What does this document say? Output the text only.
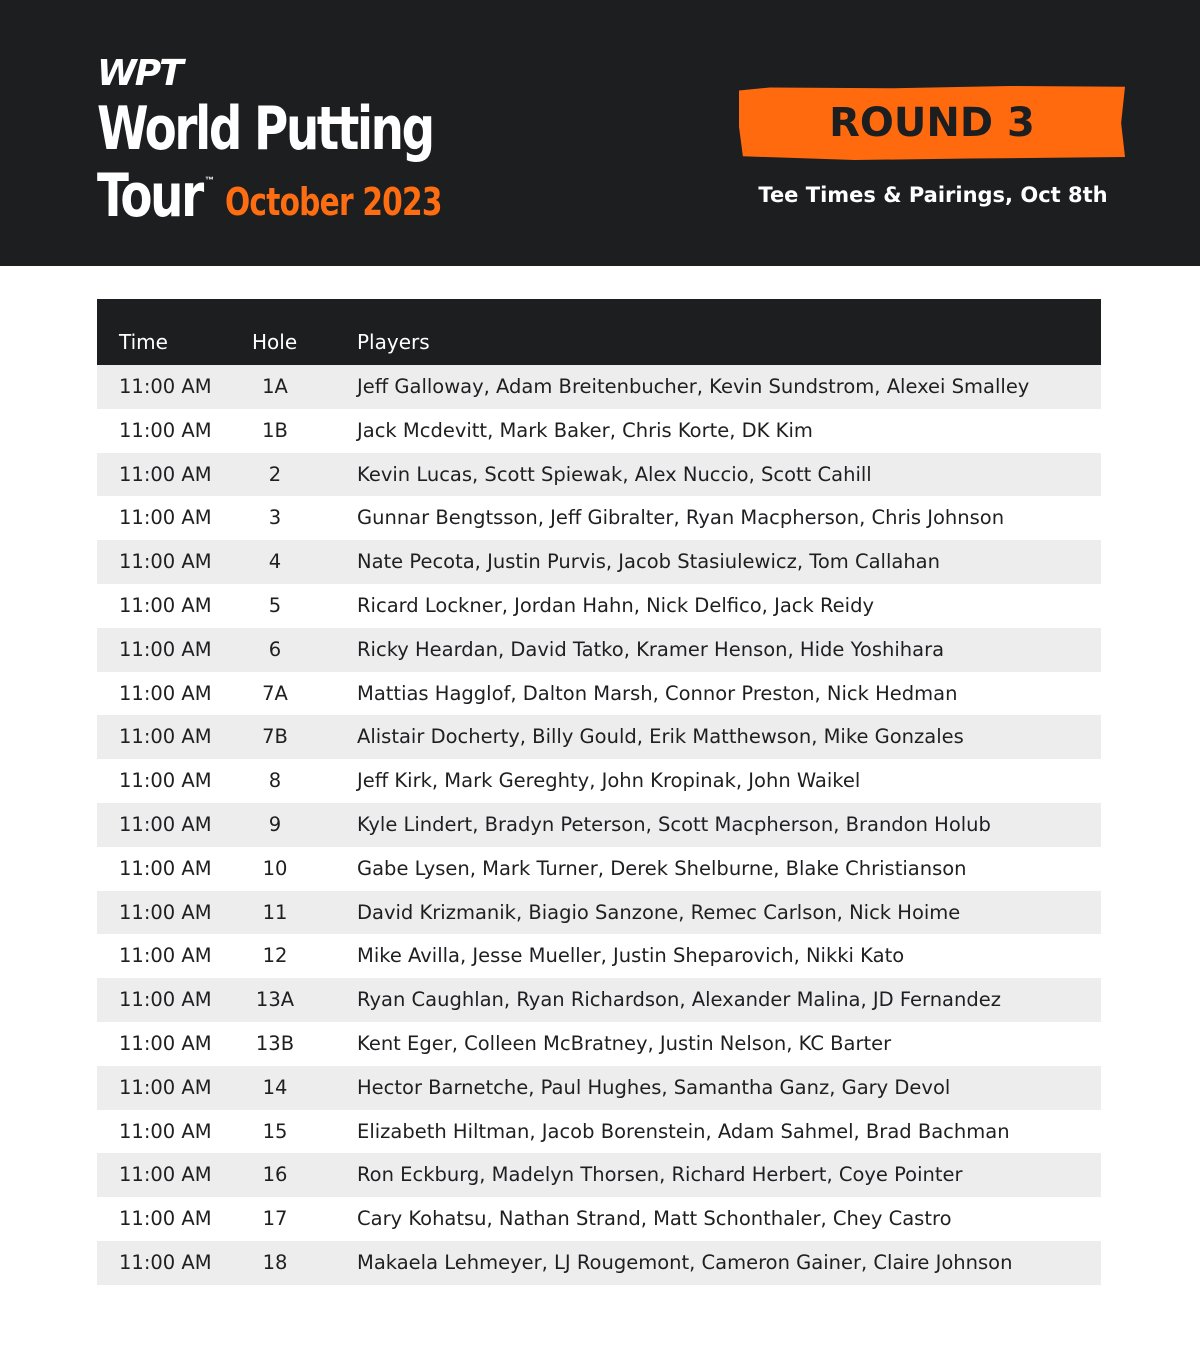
WPT
World Putting
Tour ™ October 2023
ROUND 3
Tee Times & Pairings, Oct 8th
Time	Hole	Players
11:00 AM	1A	Jeff Galloway, Adam Breitenbucher, Kevin Sundstrom, Alexei Smalley
11:00 AM	1B	Jack Mcdevitt, Mark Baker, Chris Korte, DK Kim
11:00 AM	2	Kevin Lucas, Scott Spiewak, Alex Nuccio, Scott Cahill
11:00 AM	3	Gunnar Bengtsson, Jeff Gibralter, Ryan Macpherson, Chris Johnson
11:00 AM	4	Nate Pecota, Justin Purvis, Jacob Stasiulewicz, Tom Callahan
11:00 AM	5	Ricard Lockner, Jordan Hahn, Nick Delfico, Jack Reidy
11:00 AM	6	Ricky Heardan, David Tatko, Kramer Henson, Hide Yoshihara
11:00 AM	7A	Mattias Hagglof, Dalton Marsh, Connor Preston, Nick Hedman
11:00 AM	7B	Alistair Docherty, Billy Gould, Erik Matthewson, Mike Gonzales
11:00 AM	8	Jeff Kirk, Mark Gereghty, John Kropinak, John Waikel
11:00 AM	9	Kyle Lindert, Bradyn Peterson, Scott Macpherson, Brandon Holub
11:00 AM	10	Gabe Lysen, Mark Turner, Derek Shelburne, Blake Christianson
11:00 AM	11	David Krizmanik, Biagio Sanzone, Remec Carlson, Nick Hoime
11:00 AM	12	Mike Avilla, Jesse Mueller, Justin Sheparovich, Nikki Kato
11:00 AM 13A	Ryan Caughlan, Ryan Richardson, Alexander Malina, JD Fernandez
11:00 AM 13B	Kent Eger, Colleen McBratney, Justin Nelson, KC Barter
11:00 AM	14	Hector Barnetche, Paul Hughes, Samantha Ganz, Gary Devol
11:00 AM	15	Elizabeth Hiltman, Jacob Borenstein, Adam Sahmel, Brad Bachman
11:00 AM	16	Ron Eckburg, Madelyn Thorsen, Richard Herbert, Coye Pointer
11:00 AM	17	Cary Kohatsu, Nathan Strand, Matt Schonthaler, Chey Castro
11:00 AM	18	Makaela Lehmeyer, LJ Rougemont, Cameron Gainer, Claire Johnson
